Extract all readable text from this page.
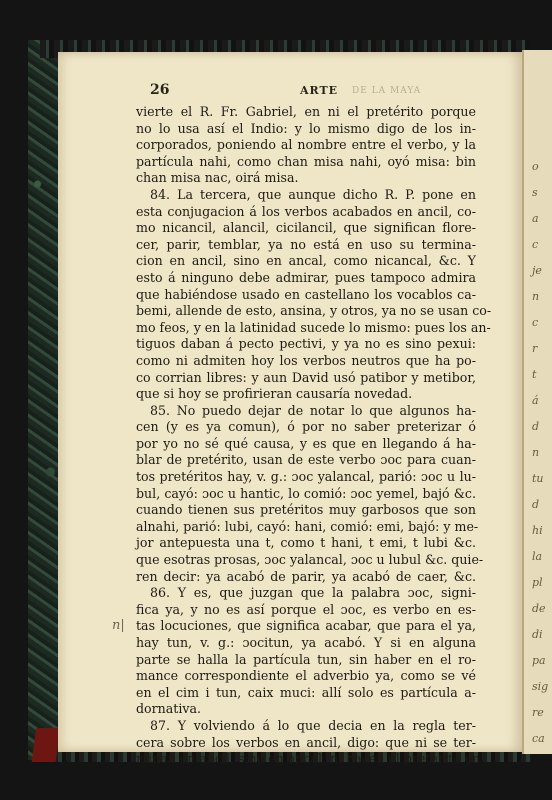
o
s
a
c
je
n
c
r
t
á
d
n
tu
d
hi
la
pl
de
di
pa
sig
re
ca
DE LA MAYA
26	ARTE
vierte el R. Fr. Gabriel, en ni el pretérito porque
no lo usa así el Indio: y lo mismo digo de los in-
corporados, poniendo al nombre entre el verbo, y la
partícula nahi, como chan misa nahi, oyó misa: bin
chan misa nac, oirá misa.
84. La tercera, que aunque dicho R. P. pone en
esta conjugacion á los verbos acabados en ancil, co-
mo nicancil, alancil, cicilancil, que significan flore-
cer, parir, temblar, ya no está en uso su termina-
cion en ancil, sino en ancal, como nicancal, &c. Y
esto á ninguno debe admirar, pues tampoco admira
que habiéndose usado en castellano los vocablos ca-
bemi, allende de esto, ansina, y otros, ya no se usan co-
mo feos, y en la latinidad sucede lo mismo: pues los an-
tiguos daban á pecto pectivi, y ya no es sino pexui:
como ni admiten hoy los verbos neutros que ha po-
co corrian libres: y aun David usó patibor y metibor,
que si hoy se profirieran causaría novedad.
85. No puedo dejar de notar lo que algunos ha-
cen (y es ya comun), ó por no saber preterizar ó
por yo no sé qué causa, y es que en llegando á ha-
blar de pretérito, usan de este verbo ɔoc para cuan-
tos pretéritos hay, v. g.: ɔoc yalancal, parió: ɔoc u lu-
bul, cayó: ɔoc u hantic, lo comió: ɔoc yemel, bajó &c.
cuando tienen sus pretéritos muy garbosos que son
alnahi, parió: lubi, cayó: hani, comió: emi, bajó: y me-
jor antepuesta una t, como t hani, t emi, t lubi &c.
que esotras prosas, ɔoc yalancal, ɔoc u lubul &c. quie-
ren decir: ya acabó de parir, ya acabó de caer, &c.
86. Y es, que juzgan que la palabra ɔoc, signi-
fica ya, y no es así porque el ɔoc, es verbo en es-
tas locuciones, que significa acabar, que para el ya,
hay tun, v. g.: ɔocitun, ya acabó. Y si en alguna
parte se halla la partícula tun, sin haber en el ro-
mance correspondiente el adverbio ya, como se vé
en el cim i tun, caix muci: allí solo es partícula a-
dornativa.
87. Y volviendo á lo que decia en la regla ter-
cera sobre los verbos en ancil, digo: que ni se ter-
minan en ancil, sino en ancal, ni hacen el pretérito en
n|
